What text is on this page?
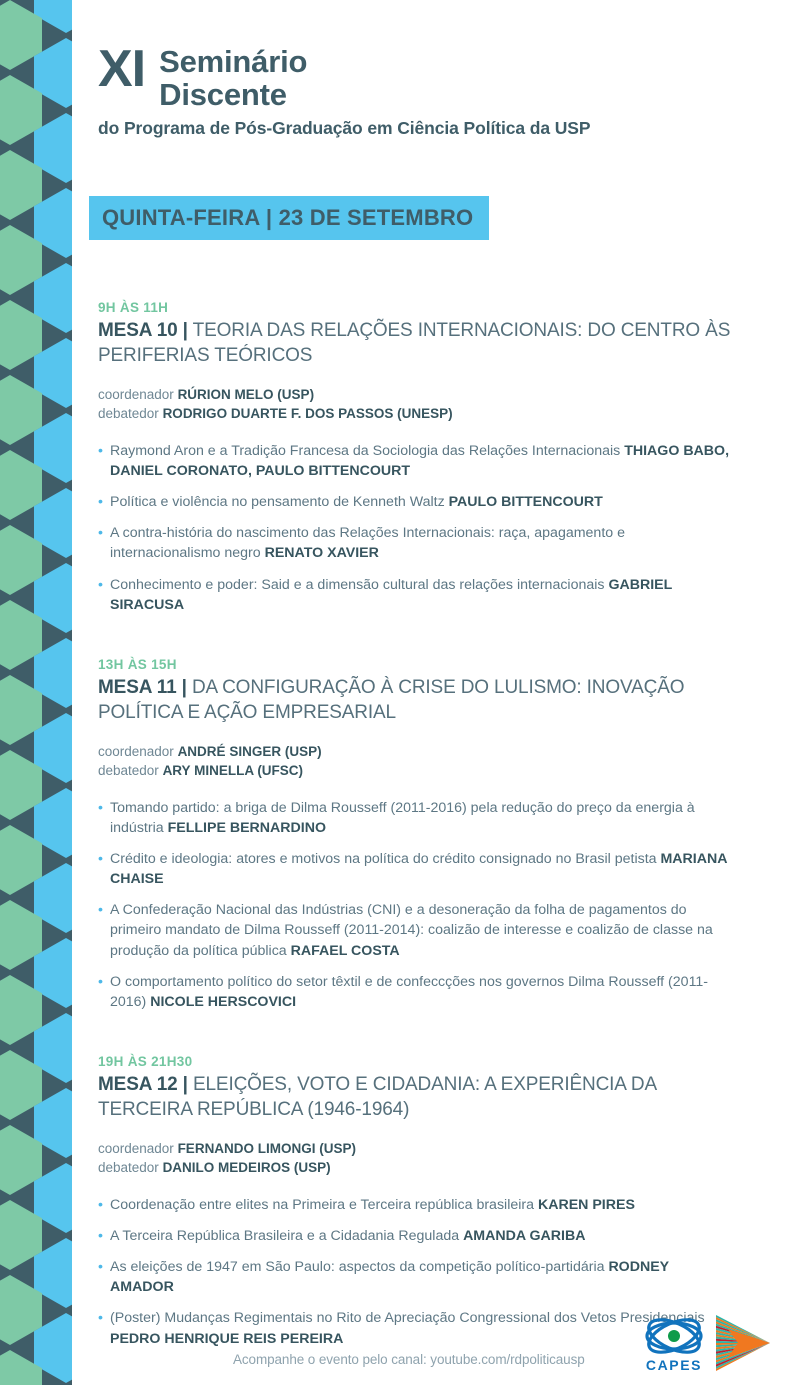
XI Seminário
Discente
do Programa de Pós-Graduação em Ciência Política da USP
QUINTA-FEIRA | 23 DE SETEMBRO
9H ÀS 11H
MESA 10 | TEORIA DAS RELAÇÕES INTERNACIONAIS: DO CENTRO ÀS PERIFERIAS TEÓRICOS
coordenador RÚRION MELO (USP)
debatedor RODRIGO DUARTE F. DOS PASSOS (UNESP)
• Raymond Aron e a Tradição Francesa da Sociologia das Relações Internacionais THIAGO BABO, DANIEL CORONATO, PAULO BITTENCOURT
• Política e violência no pensamento de Kenneth Waltz PAULO BITTENCOURT
• A contra-história do nascimento das Relações Internacionais: raça, apagamento e internacionalismo negro RENATO XAVIER
• Conhecimento e poder: Said e a dimensão cultural das relações internacionais GABRIEL SIRACUSA
13H ÀS 15H
MESA 11 | DA CONFIGURAÇÃO À CRISE DO LULISMO: INOVAÇÃO POLÍTICA E AÇÃO EMPRESARIAL
coordenador ANDRÉ SINGER (USP)
debatedor ARY MINELLA (UFSC)
• Tomando partido: a briga de Dilma Rousseff (2011-2016) pela redução do preço da energia à indústria FELLIPE BERNARDINO
• Crédito e ideologia: atores e motivos na política do crédito consignado no Brasil petista MARIANA CHAISE
• A Confederação Nacional das Indústrias (CNI) e a desoneração da folha de pagamentos do primeiro mandato de Dilma Rousseff (2011-2014): coalizão de interesse e coalizão de classe na produção da política pública RAFAEL COSTA
• O comportamento político do setor têxtil e de confeccções nos governos Dilma Rousseff (2011-2016) NICOLE HERSCOVICI
19H ÀS 21H30
MESA 12 | ELEIÇÕES, VOTO E CIDADANIA: A EXPERIÊNCIA DA TERCEIRA REPÚBLICA (1946-1964)
coordenador FERNANDO LIMONGI (USP)
debatedor DANILO MEDEIROS (USP)
• Coordenação entre elites na Primeira e Terceira república brasileira KAREN PIRES
• A Terceira República Brasileira e a Cidadania Regulada AMANDA GARIBA
• As eleições de 1947 em São Paulo: aspectos da competição político-partidária RODNEY AMADOR
• (Poster) Mudanças Regimentais no Rito de Apreciação Congressional dos Vetos Presidenciais PEDRO HENRIQUE REIS PEREIRA
Acompanhe o evento pelo canal: youtube.com/rdpoliticausp	CAPES
